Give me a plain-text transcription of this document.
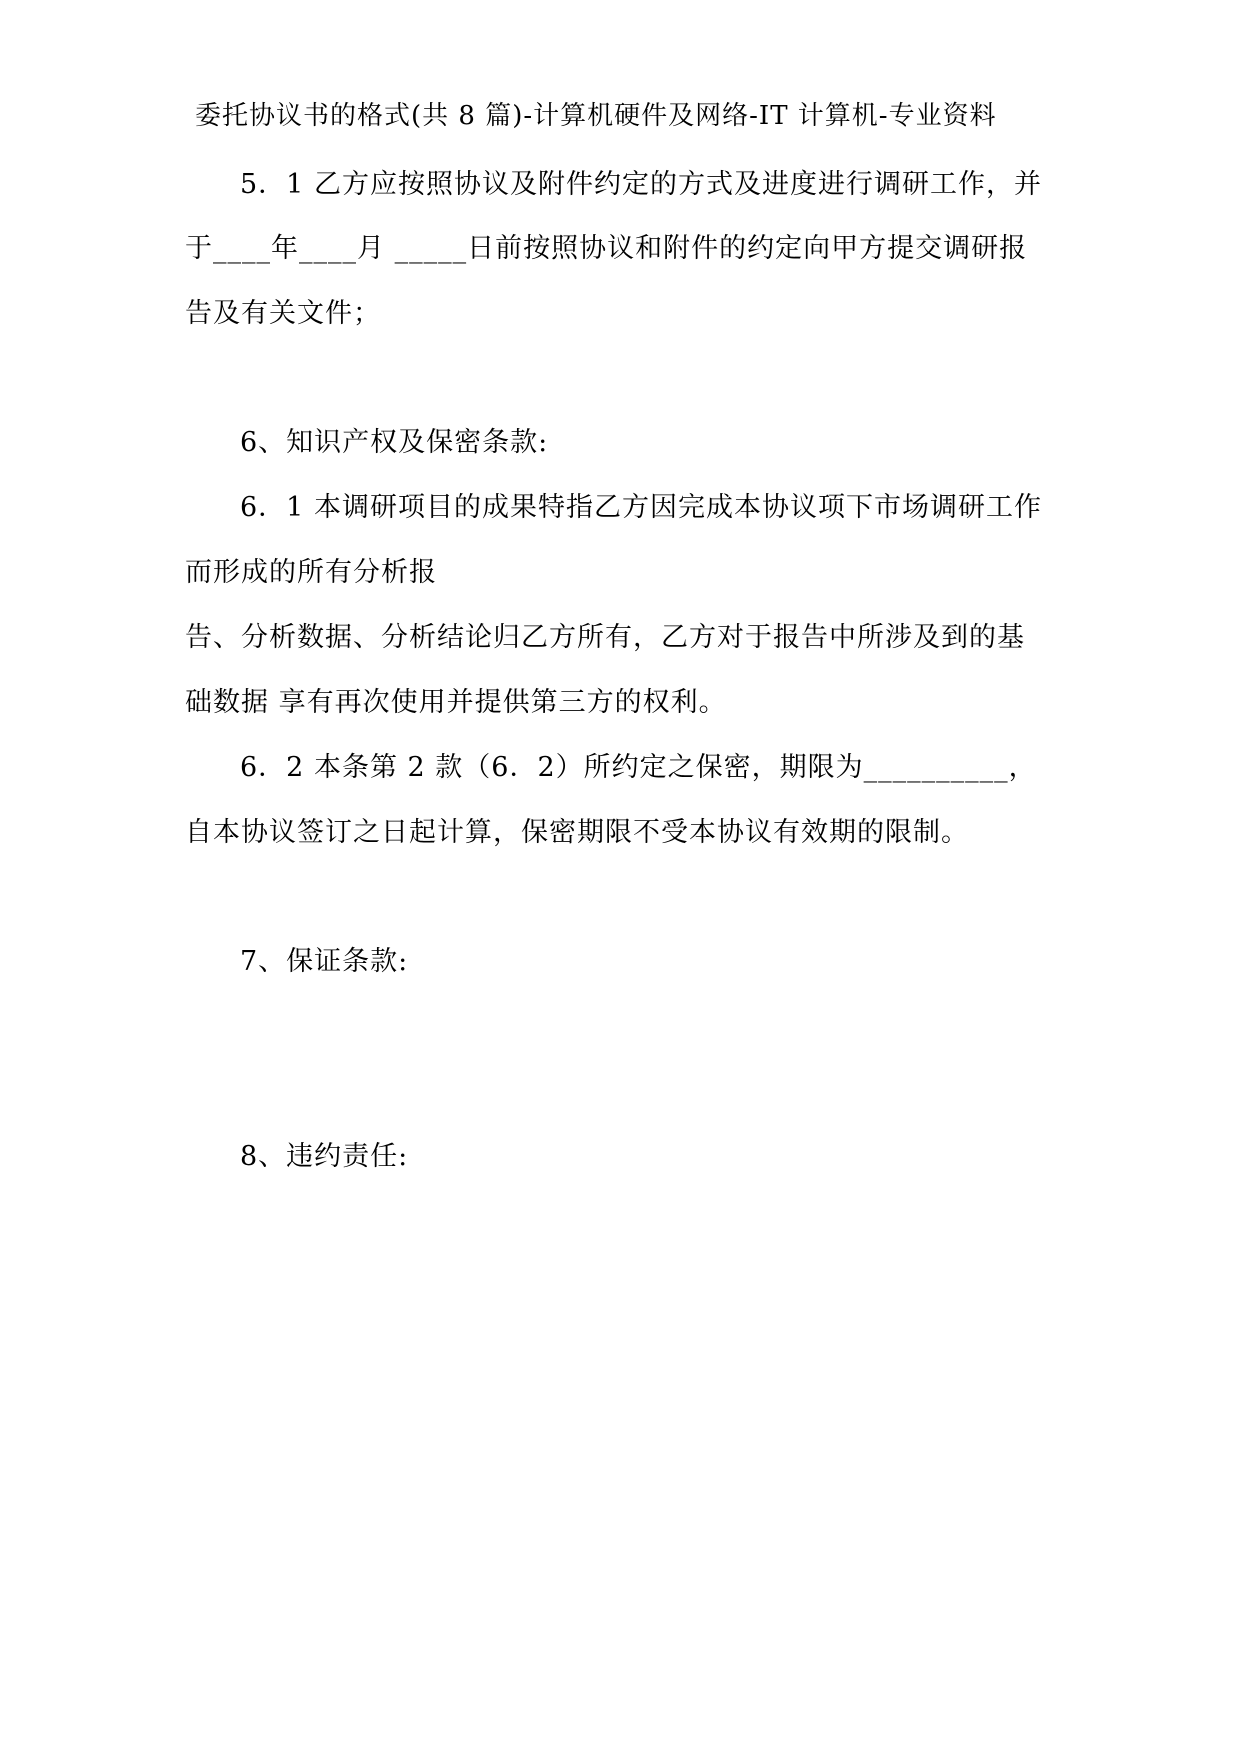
委托协议书的格式(共 8 篇)-计算机硬件及网络-IT 计算机-专业资料
5．1 乙方应按照协议及附件约定的方式及进度进行调研工作，并
于____年____月 _____日前按照协议和附件的约定向甲方提交调研报
告及有关文件；
6、知识产权及保密条款:
6．1 本调研项目的成果特指乙方因完成本协议项下市场调研工作
而形成的所有分析报
告、分析数据、分析结论归乙方所有，乙方对于报告中所涉及到的基
础数据 享有再次使用并提供第三方的权利。
6．2 本条第 2 款（6．2）所约定之保密，期限为__________，
自本协议签订之日起计算，保密期限不受本协议有效期的限制。
7、保证条款:
8、违约责任:
